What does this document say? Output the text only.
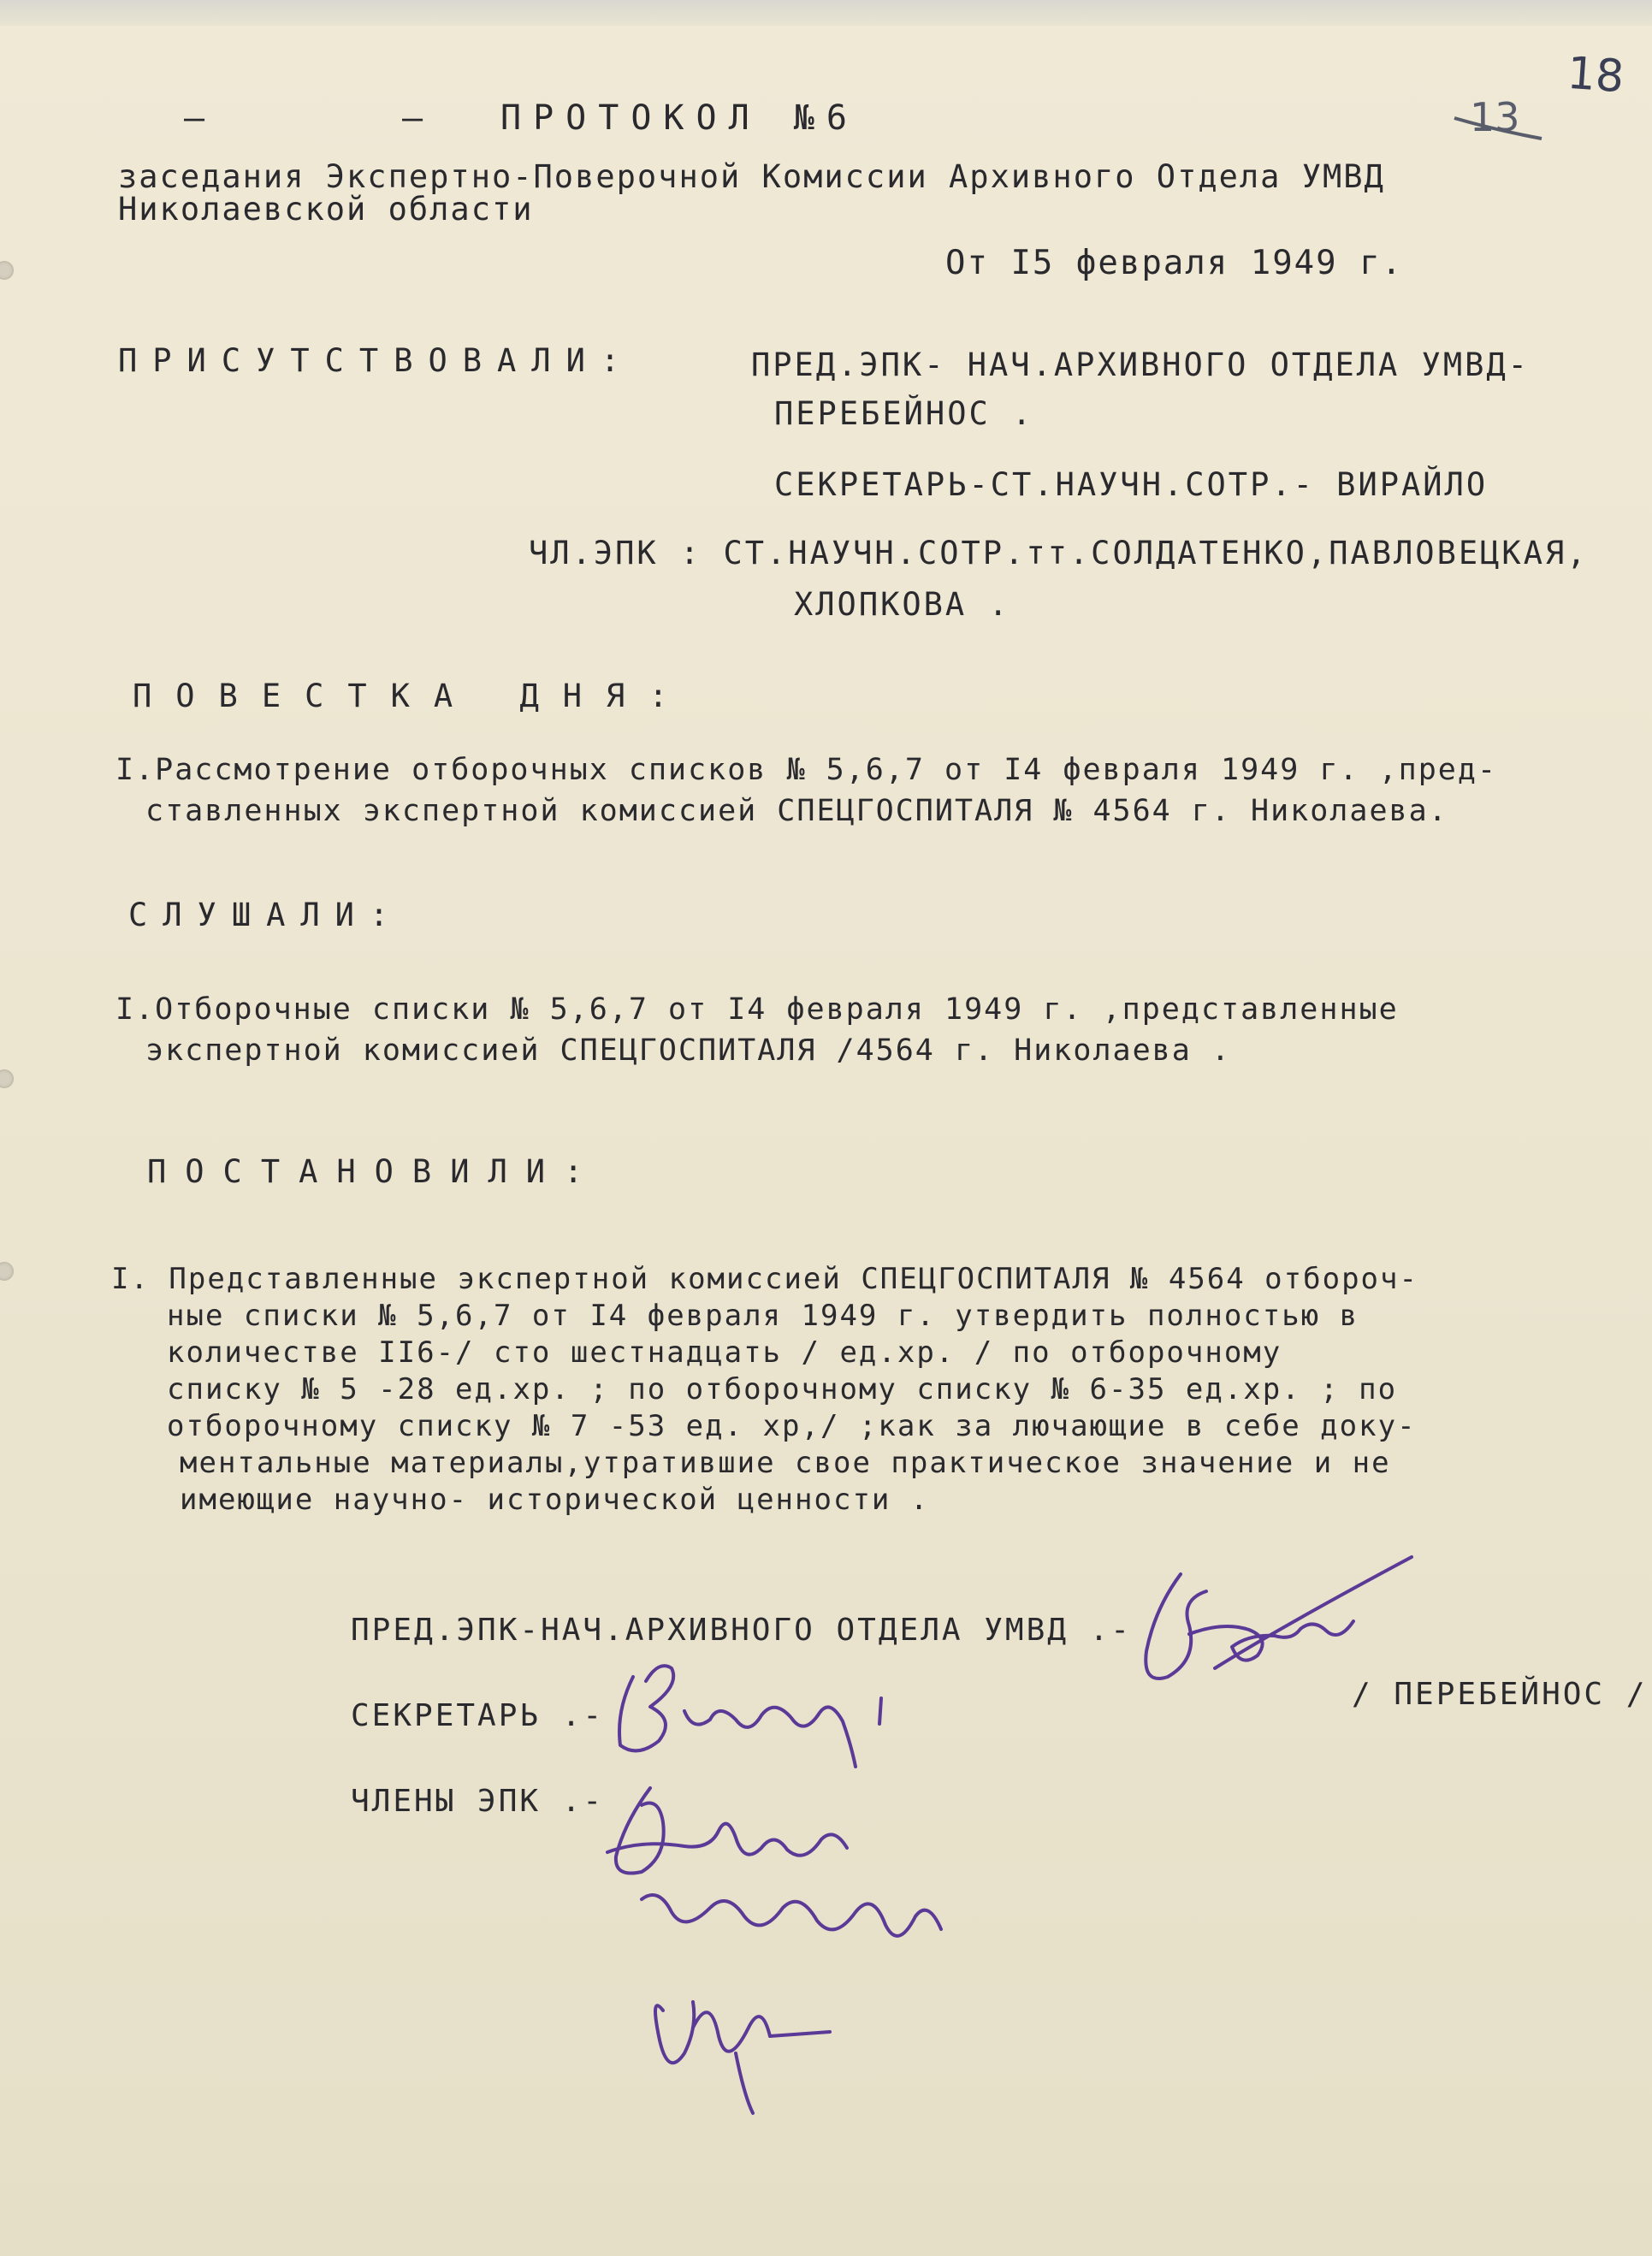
18
13
–	– ПРОТОКОЛ №6
заседания Экспертно-Поверочной Комиссии Архивного Отдела УМВД
Николаевской области
От I5 февраля 1949 г.
ПРИСУТСТВОВАЛИ:	ПРЕД.ЭПК- НАЧ.АРХИВНОГО ОТДЕЛА УМВД-
ПЕРЕБЕЙНОС .
СЕКРЕТАРЬ-СТ.НАУЧН.СОТР.- ВИРАЙЛО
ЧЛ.ЭПК : СТ.НАУЧН.СОТР.тт.СОЛДАТЕНКО,ПАВЛОВЕЦКАЯ,
ХЛОПКОВА .
ПОВЕСТКА ДНЯ:
I.Рассмотрение отборочных списков № 5,6,7 от I4 февраля 1949 г. ,пред-
ставленных экспертной комиссией СПЕЦГОСПИТАЛЯ № 4564 г. Николаева.
СЛУШАЛИ:
I.Отборочные списки № 5,6,7 от I4 февраля 1949 г. ,представленные
экспертной комиссией СПЕЦГОСПИТАЛЯ /4564 г. Николаева .
ПОСТАНОВИЛИ:
I. Представленные экспертной комиссией СПЕЦГОСПИТАЛЯ № 4564 отбороч-
ные списки № 5,6,7 от I4 февраля 1949 г. утвердить полностью в
количестве II6-/ сто шестнадцать / ед.хр. / по отборочному
списку № 5 -28 ед.хр. ; по отборочному списку № 6-35 ед.хр. ; по
отборочному списку № 7 -53 ед. хр,/ ;как за лючающие в себе доку-
ментальные материалы,утратившие свое практическое значение и не
имеющие научно- исторической ценности .
ПРЕД.ЭПК-НАЧ.АРХИВНОГО ОТДЕЛА УМВД .-
/ ПЕРЕБЕЙНОС /
СЕКРЕТАРЬ .-
ЧЛЕНЫ ЭПК .-
